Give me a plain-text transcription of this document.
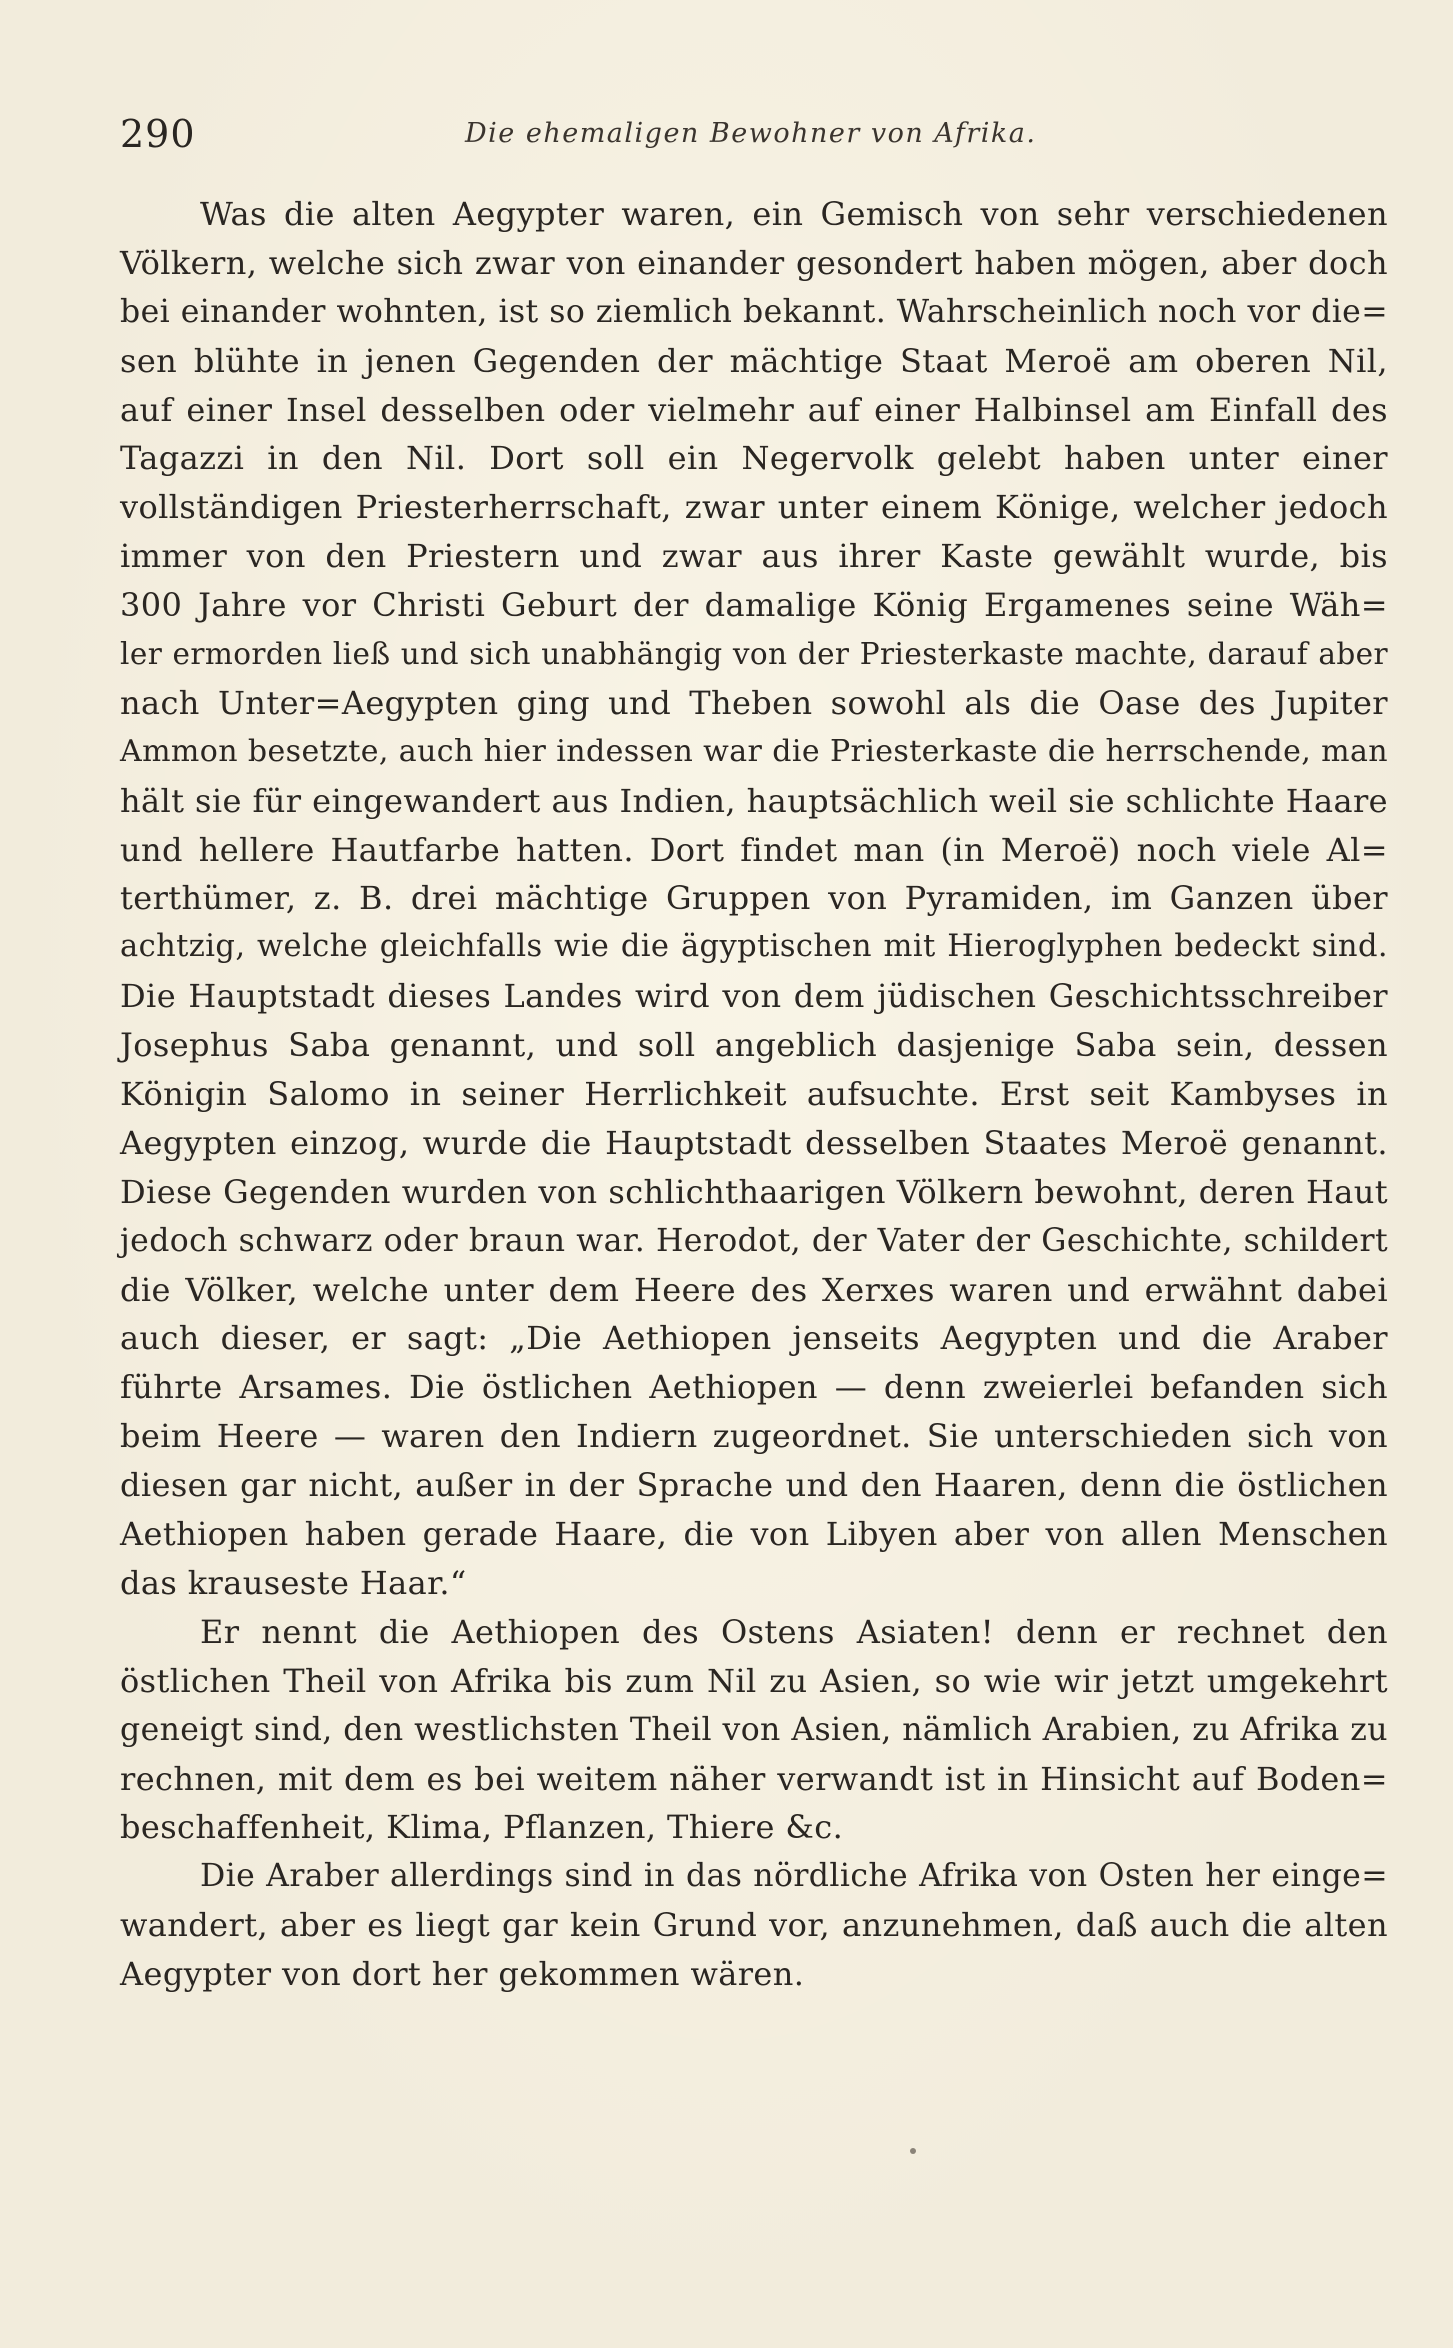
290	Die ehemaligen Bewohner von Afrika.
Was die alten Aegypter waren, ein Gemisch von sehr verschiedenen
Völkern, welche sich zwar von einander gesondert haben mögen, aber doch
bei einander wohnten, ist so ziemlich bekannt. Wahrscheinlich noch vor die=
sen blühte in jenen Gegenden der mächtige Staat Meroë am oberen Nil,
auf einer Insel desselben oder vielmehr auf einer Halbinsel am Einfall des
Tagazzi in den Nil. Dort soll ein Negervolk gelebt haben unter einer
vollständigen Priesterherrschaft, zwar unter einem Könige, welcher jedoch
immer von den Priestern und zwar aus ihrer Kaste gewählt wurde, bis
300 Jahre vor Christi Geburt der damalige König Ergamenes seine Wäh=
ler ermorden ließ und sich unabhängig von der Priesterkaste machte, darauf aber
nach Unter=Aegypten ging und Theben sowohl als die Oase des Jupiter
Ammon besetzte, auch hier indessen war die Priesterkaste die herrschende, man
hält sie für eingewandert aus Indien, hauptsächlich weil sie schlichte Haare
und hellere Hautfarbe hatten. Dort findet man (in Meroë) noch viele Al=
terthümer, z. B. drei mächtige Gruppen von Pyramiden, im Ganzen über
achtzig, welche gleichfalls wie die ägyptischen mit Hieroglyphen bedeckt sind.
Die Hauptstadt dieses Landes wird von dem jüdischen Geschichtsschreiber
Josephus Saba genannt, und soll angeblich dasjenige Saba sein, dessen
Königin Salomo in seiner Herrlichkeit aufsuchte. Erst seit Kambyses in
Aegypten einzog, wurde die Hauptstadt desselben Staates Meroë genannt.
Diese Gegenden wurden von schlichthaarigen Völkern bewohnt, deren Haut
jedoch schwarz oder braun war. Herodot, der Vater der Geschichte, schildert
die Völker, welche unter dem Heere des Xerxes waren und erwähnt dabei
auch dieser, er sagt: „Die Aethiopen jenseits Aegypten und die Araber
führte Arsames. Die östlichen Aethiopen — denn zweierlei befanden sich
beim Heere — waren den Indiern zugeordnet. Sie unterschieden sich von
diesen gar nicht, außer in der Sprache und den Haaren, denn die östlichen
Aethiopen haben gerade Haare, die von Libyen aber von allen Menschen
das krauseste Haar.“
Er nennt die Aethiopen des Ostens Asiaten! denn er rechnet den
östlichen Theil von Afrika bis zum Nil zu Asien, so wie wir jetzt umgekehrt
geneigt sind, den westlichsten Theil von Asien, nämlich Arabien, zu Afrika zu
rechnen, mit dem es bei weitem näher verwandt ist in Hinsicht auf Boden=
beschaffenheit, Klima, Pflanzen, Thiere &c.
Die Araber allerdings sind in das nördliche Afrika von Osten her einge=
wandert, aber es liegt gar kein Grund vor, anzunehmen, daß auch die alten
Aegypter von dort her gekommen wären.
